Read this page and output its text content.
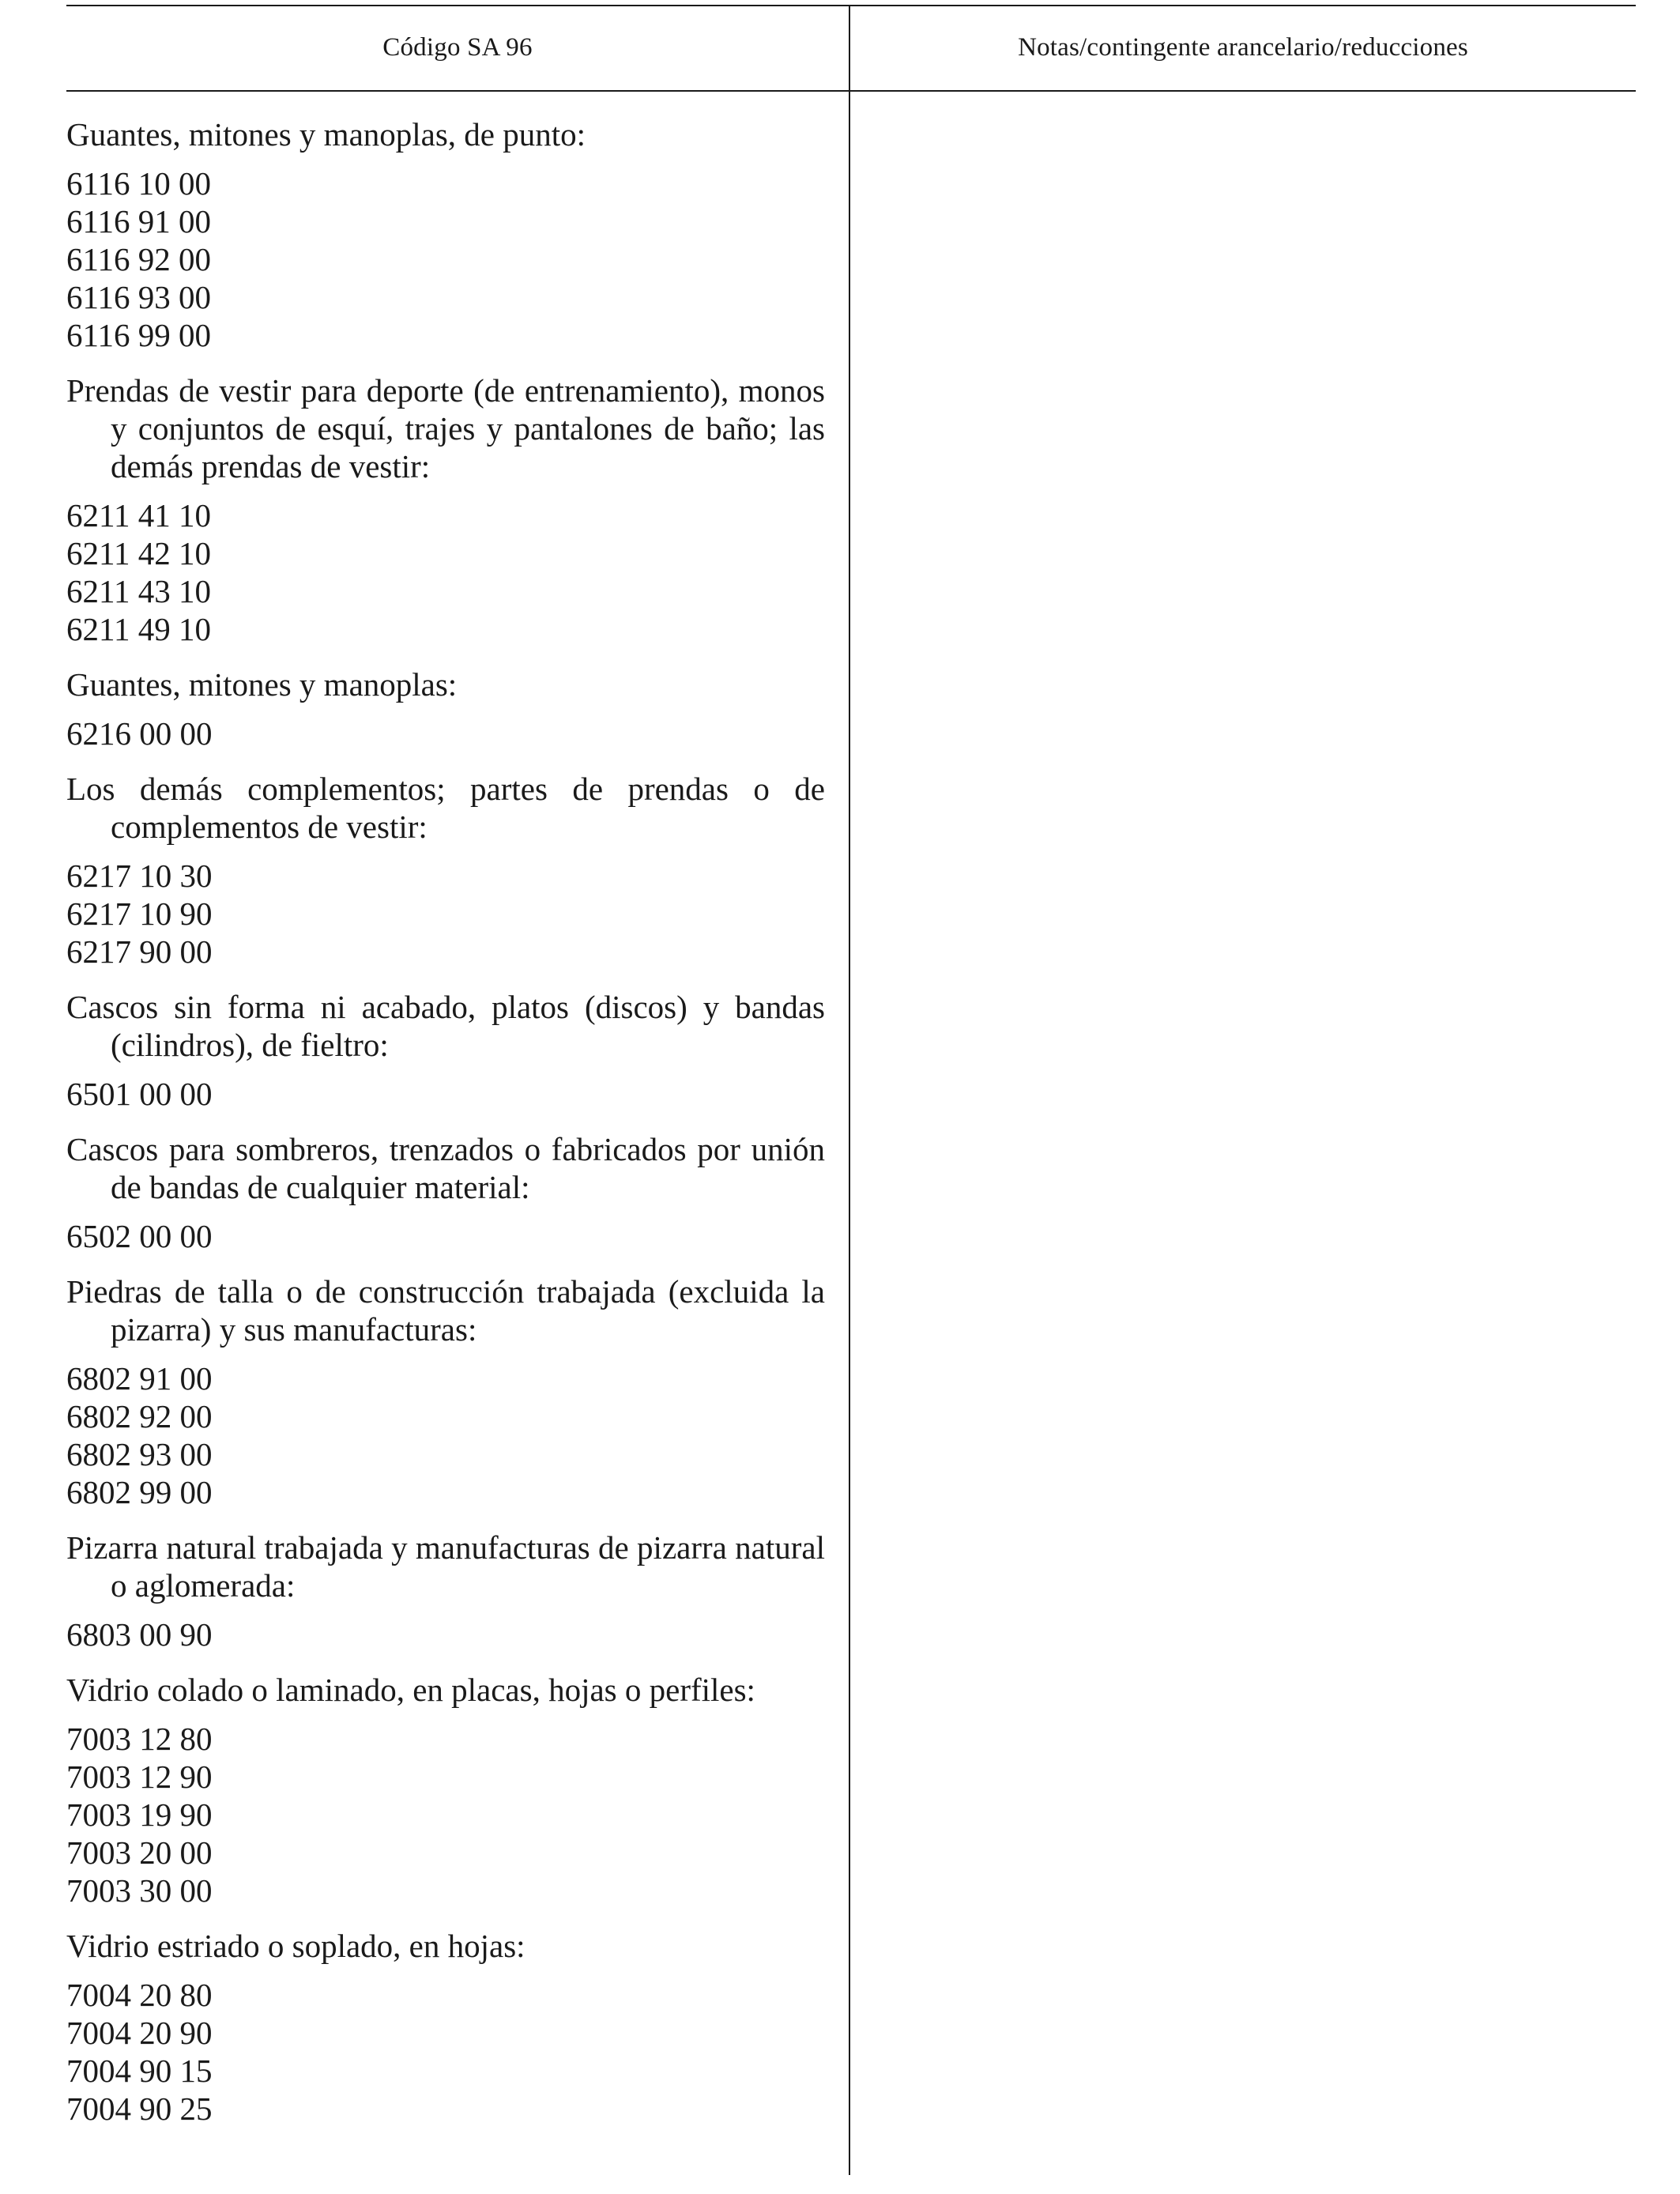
Código SA 96	Notas/contingente arancelario/reducciones
Guantes, mitones y manoplas, de punto:
6116 10 00
6116 91 00
6116 92 00
6116 93 00
6116 99 00
Prendas de vestir para deporte (de entrenamiento), monos y conjuntos de esquí, trajes y pantalones de baño; las demás prendas de vestir:
6211 41 10
6211 42 10
6211 43 10
6211 49 10
Guantes, mitones y manoplas:
6216 00 00
Los demás complementos; partes de prendas o de complementos de vestir:
6217 10 30
6217 10 90
6217 90 00
Cascos sin forma ni acabado, platos (discos) y bandas (cilindros), de fieltro:
6501 00 00
Cascos para sombreros, trenzados o fabricados por unión de bandas de cualquier material:
6502 00 00
Piedras de talla o de construcción trabajada (excluida la pizarra) y sus manufacturas:
6802 91 00
6802 92 00
6802 93 00
6802 99 00
Pizarra natural trabajada y manufacturas de pizarra natural o aglomerada:
6803 00 90
Vidrio colado o laminado, en placas, hojas o perfiles:
7003 12 80
7003 12 90
7003 19 90
7003 20 00
7003 30 00
Vidrio estriado o soplado, en hojas:
7004 20 80
7004 20 90
7004 90 15
7004 90 25
